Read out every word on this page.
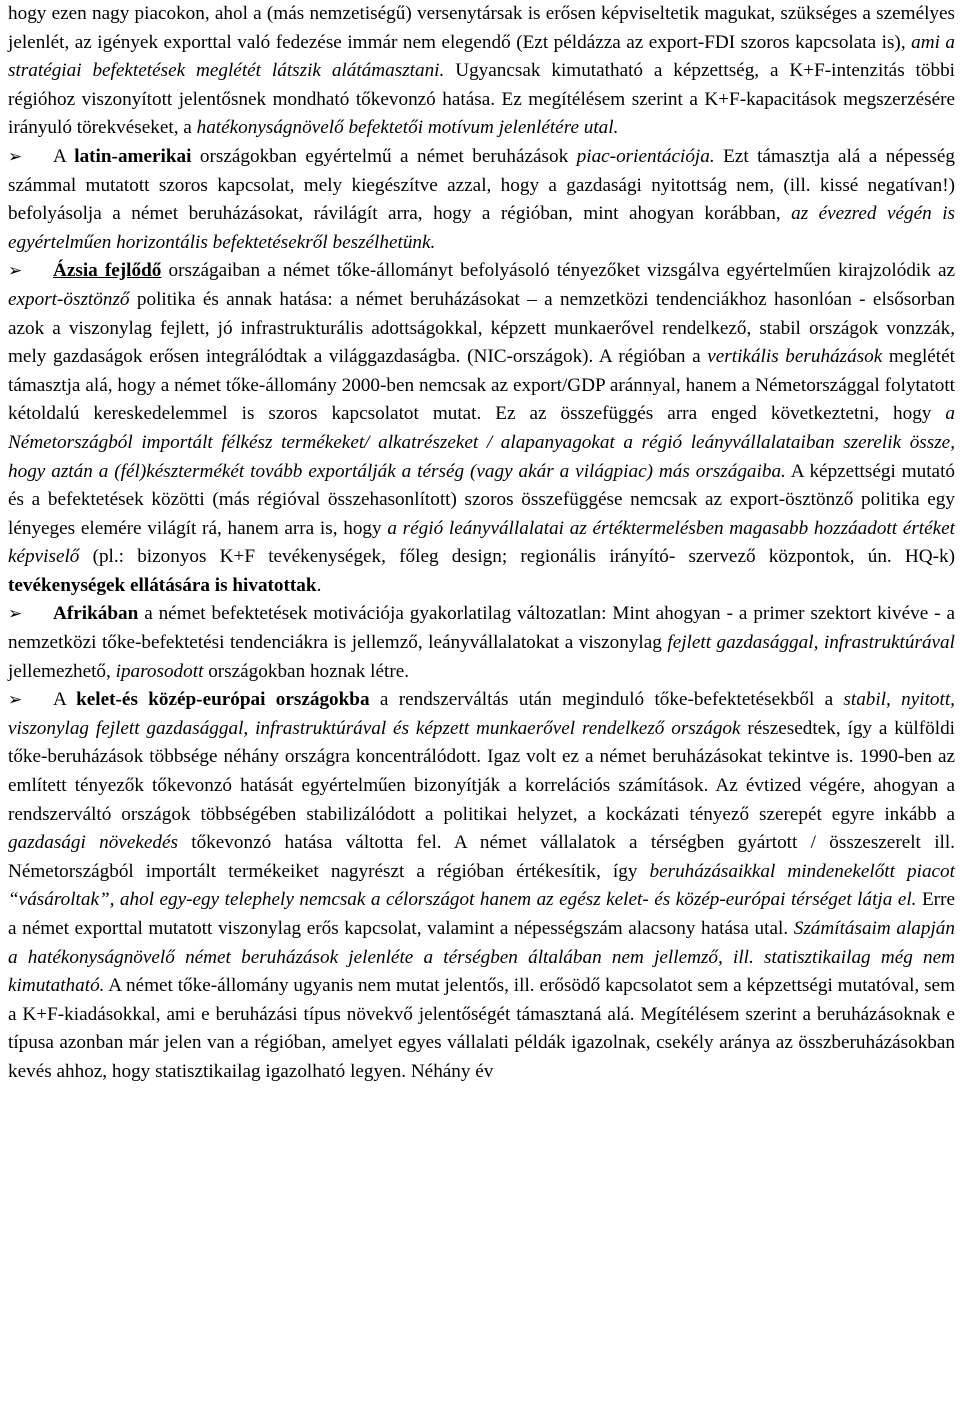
hogy ezen nagy piacokon, ahol a (más nemzetiségű) versenytársak is erősen képviseltetik magukat, szükséges a személyes jelenlét, az igények exporttal való fedezése immár nem elegendő (Ezt példázza az export-FDI szoros kapcsolata is), ami a stratégiai befektetések meglétét látszik alátámasztani. Ugyancsak kimutatható a képzettség, a K+F-intenzitás többi régióhoz viszonyított jelentősnek mondható tőkevonzó hatása. Ez megítélésem szerint a K+F-kapacitások megszerzésére irányuló törekvéseket, a hatékonyságnövelő befektetői motívum jelenlétére utal.

➢ A latin-amerikai országokban egyértelmű a német beruházások piac-orientációja. Ezt támasztja alá a népesség számmal mutatott szoros kapcsolat, mely kiegészítve azzal, hogy a gazdasági nyitottság nem, (ill. kissé negatívan!) befolyásolja a német beruházásokat, rávilágít arra, hogy a régióban, mint ahogyan korábban, az évezred végén is egyértelműen horizontális befektetésekről beszélhetünk.

➢ Ázsia fejlődő országaiban a német tőke-állományt befolyásoló tényezőket vizsgálva egyértelműen kirajzolódik az export-ösztönző politika és annak hatása: a német beruházásokat – a nemzetközi tendenciákhoz hasonlóan - elsősorban azok a viszonylag fejlett, jó infrastrukturális adottságokkal, képzett munkaerővel rendelkező, stabil országok vonzzák, mely gazdaságok erősen integrálódtak a világgazdaságba. (NIC-országok). A régióban a vertikális beruházások meglétét támasztja alá, hogy a német tőke-állomány 2000-ben nemcsak az export/GDP aránnyal, hanem a Németországgal folytatott kétoldalú kereskedelemmel is szoros kapcsolatot mutat. Ez az összefüggés arra enged következtetni, hogy a Németországból importált félkész termékeket/ alkatrészeket / alapanyagokat a régió leányvállalataiban szerelik össze, hogy aztán a (fél)késztermékét tovább exportálják a térség (vagy akár a világpiac) más országaiba. A képzettségi mutató és a befektetések közötti (más régióval összehasonlított) szoros összefüggése nemcsak az export-ösztönző politika egy lényeges elemére világít rá, hanem arra is, hogy a régió leányvállalatai az értéktermelésben magasabb hozzáadott értéket képviselő (pl.: bizonyos K+F tevékenységek, főleg design; regionális irányító- szervező központok, ún. HQ-k) tevékenységek ellátására is hivatottak.

➢ Afrikában a német befektetések motivációja gyakorlatilag változatlan: Mint ahogyan - a primer szektort kivéve - a nemzetközi tőke-befektetési tendenciákra is jellemző, leányvállalatokat a viszonylag fejlett gazdasággal, infrastruktúrával jellemezhető, iparosodott országokban hoznak létre.

➢ A kelet-és közép-európai országokba a rendszerváltás után meginduló tőke-befektetésekből a stabil, nyitott, viszonylag fejlett gazdasággal, infrastruktúrával és képzett munkaerővel rendelkező országok részesedtek, így a külföldi tőke-beruházások többsége néhány országra koncentrálódott. Igaz volt ez a német beruházásokat tekintve is. 1990-ben az említett tényezők tőkevonzó hatását egyértelműen bizonyítják a korrelációs számítások. Az évtized végére, ahogyan a rendszerváltó országok többségében stabilizálódott a politikai helyzet, a kockázati tényező szerepét egyre inkább a gazdasági növekedés tőkevonzó hatása váltotta fel. A német vállalatok a térségben gyártott / összeszerelt ill. Németországból importált termékeiket nagyrészt a régióban értékesítik, így beruházásaikkal mindenekelőtt piacot “vásároltak”, ahol egy-egy telephely nemcsak a célországot hanem az egész kelet- és közép-európai térséget látja el. Erre a német exporttal mutatott viszonylag erős kapcsolat, valamint a népességszám alacsony hatása utal. Számításaim alapján a hatékonyságnövelő német beruházások jelenléte a térségben általában nem jellemző, ill. statisztikailag még nem kimutatható. A német tőke-állomány ugyanis nem mutat jelentős, ill. erősödő kapcsolatot sem a képzettségi mutatóval, sem a K+F-kiadásokkal, ami e beruházási típus növekvő jelentőségét támasztaná alá. Megítélésem szerint a beruházásoknak e típusa azonban már jelen van a régióban, amelyet egyes vállalati példák igazolnak, csekély aránya az összberuházásokban kevés ahhoz, hogy statisztikailag igazolható legyen. Néhány év
